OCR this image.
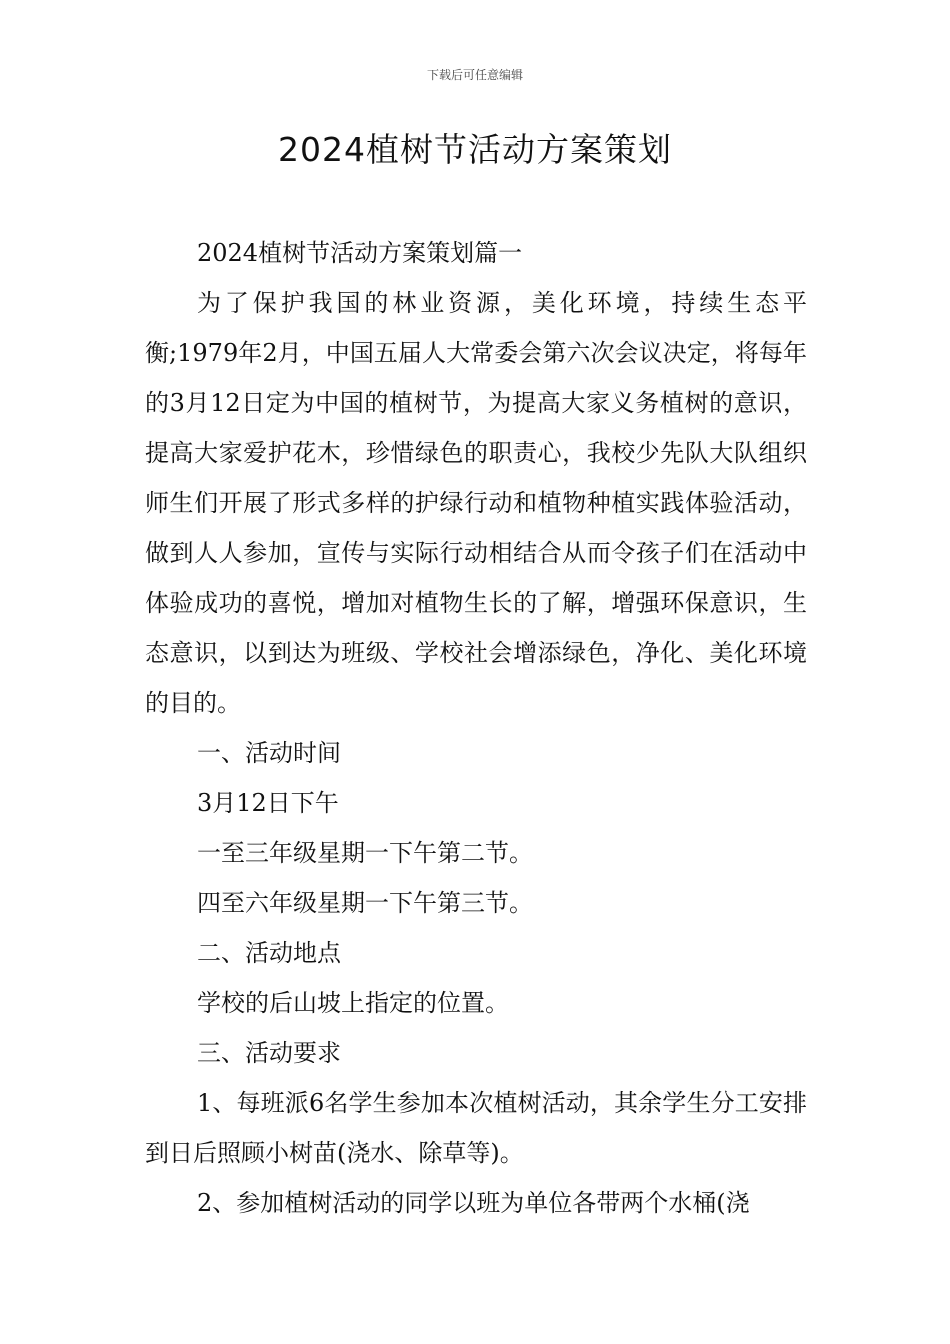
下载后可任意编辑
2024植树节活动方案策划

2024植树节活动方案策划篇一

为了保护我国的林业资源，美化环境，持续生态平衡;1979年2月，中国五届人大常委会第六次会议决定，将每年的3月12日定为中国的植树节，为提高大家义务植树的意识，提高大家爱护花木，珍惜绿色的职责心，我校少先队大队组织师生们开展了形式多样的护绿行动和植物种植实践体验活动，做到人人参加，宣传与实际行动相结合从而令孩子们在活动中体验成功的喜悦，增加对植物生长的了解，增强环保意识，生态意识，以到达为班级、学校社会增添绿色，净化、美化环境的目的。

一、活动时间

3月12日下午

一至三年级星期一下午第二节。

四至六年级星期一下午第三节。

二、活动地点

学校的后山坡上指定的位置。

三、活动要求

1、每班派6名学生参加本次植树活动，其余学生分工安排到日后照顾小树苗(浇水、除草等)。

2、参加植树活动的同学以班为单位各带两个水桶(浇
